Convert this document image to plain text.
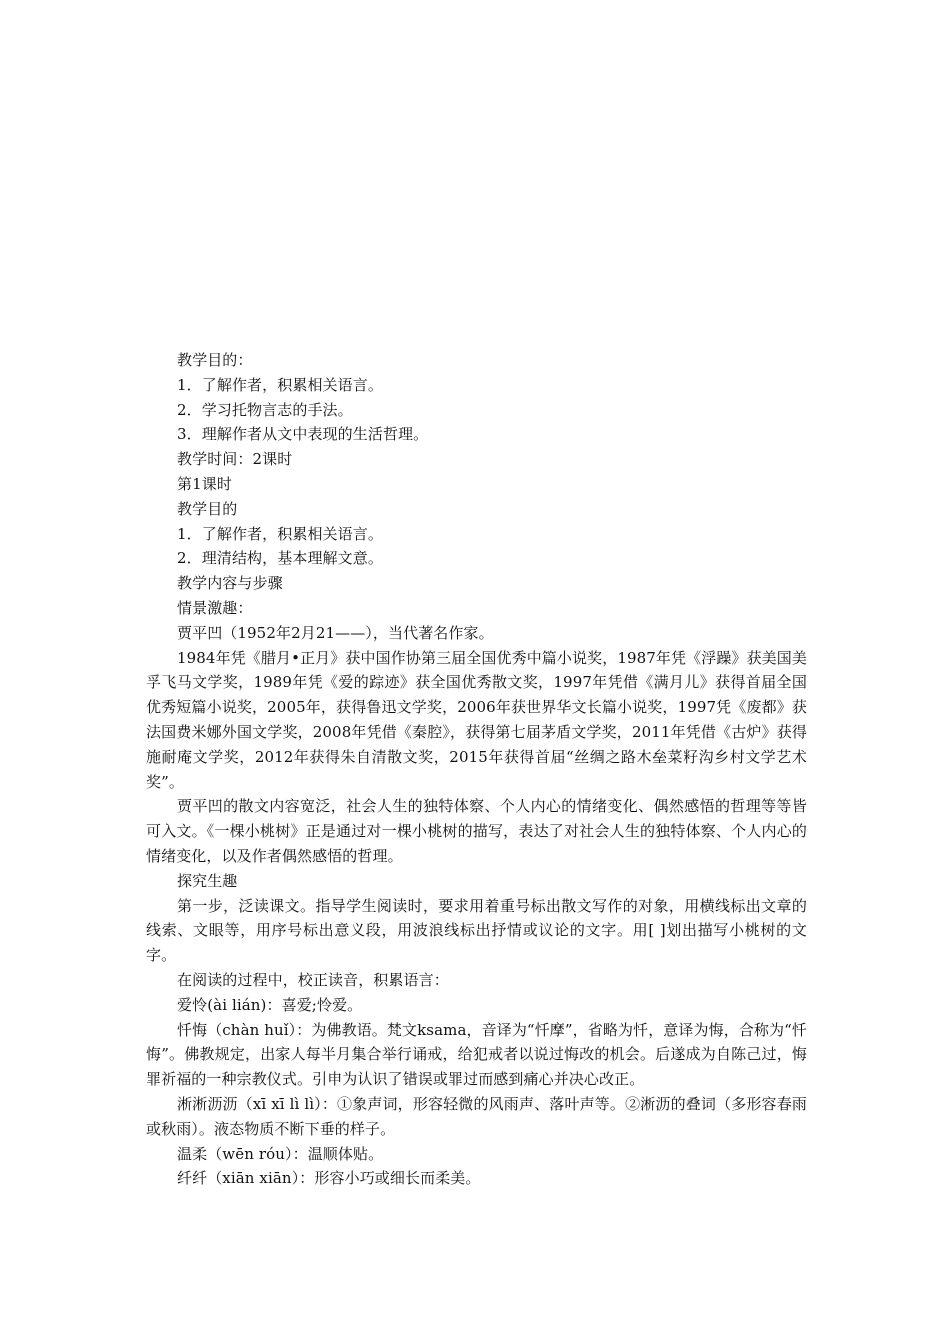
教学目的：

1．了解作者，积累相关语言。

2．学习托物言志的手法。

3．理解作者从文中表现的生活哲理。

教学时间：2课时

第1课时

教学目的

1．了解作者，积累相关语言。

2．理清结构，基本理解文意。

教学内容与步骤

情景激趣：

贾平凹（1952年2月21——），当代著名作家。

1984年凭《腊月•正月》获中国作协第三届全国优秀中篇小说奖，1987年凭《浮躁》获美国美孚飞马文学奖，1989年凭《爱的踪迹》获全国优秀散文奖，1997年凭借《满月儿》获得首届全国优秀短篇小说奖，2005年，获得鲁迅文学奖，2006年获世界华文长篇小说奖，1997凭《废都》获法国费米娜外国文学奖，2008年凭借《秦腔》，获得第七届茅盾文学奖，2011年凭借《古炉》获得施耐庵文学奖，2012年获得朱自清散文奖，2015年获得首届“丝绸之路木垒菜籽沟乡村文学艺术奖”。

贾平凹的散文内容宽泛，社会人生的独特体察、个人内心的情绪变化、偶然感悟的哲理等等皆可入文。《一棵小桃树》正是通过对一棵小桃树的描写，表达了对社会人生的独特体察、个人内心的情绪变化，以及作者偶然感悟的哲理。

探究生趣

第一步，泛读课文。指导学生阅读时，要求用着重号标出散文写作的对象，用横线标出文章的线索、文眼等，用序号标出意义段，用波浪线标出抒情或议论的文字。用[ ]划出描写小桃树的文字。

在阅读的过程中，校正读音，积累语言：

爱怜(ài lián)：喜爱;怜爱。

忏悔（chàn huǐ）：为佛教语。梵文ksama，音译为“忏摩”，省略为忏，意译为悔，合称为“忏悔”。佛教规定，出家人每半月集合举行诵戒，给犯戒者以说过悔改的机会。后遂成为自陈己过，悔罪祈福的一种宗教仪式。引申为认识了错误或罪过而感到痛心并决心改正。

淅淅沥沥（xī xī lì lì）：①象声词，形容轻微的风雨声、落叶声等。②淅沥的叠词（多形容春雨或秋雨）。液态物质不断下垂的样子。

温柔（wēn róu）：温顺体贴。

纤纤（xiān xiān）：形容小巧或细长而柔美。
